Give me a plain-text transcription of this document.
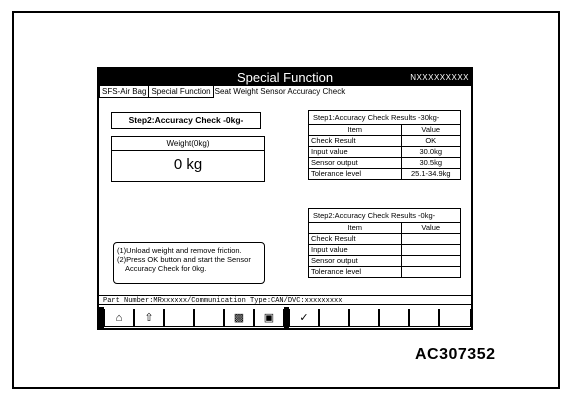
Special Function	NXXXXXXXXX
SFS-Air Bag Special Function Seat Weight Sensor Accuracy Check
Step2:Accuracy Check -0kg-
Weight(0kg)
0 kg
(1)Unload weight and remove friction.
(2)Press OK button and start the Sensor
Accuracy Check for 0kg.
Step1:Accuracy Check Results -30kg-
Item	Value
Check Result	OK
Input value	30.0kg
Sensor output	30.5kg
Tolerance level	25.1-34.9kg
Step2:Accuracy Check Results -0kg-
Item	Value
Check Result	
Input value	
Sensor output	
Tolerance level	
Part Number:MRxxxxxx/Communication Type:CAN/DVC:xxxxxxxxx
⌂	⇧	▩	▣	✓
AC307352
